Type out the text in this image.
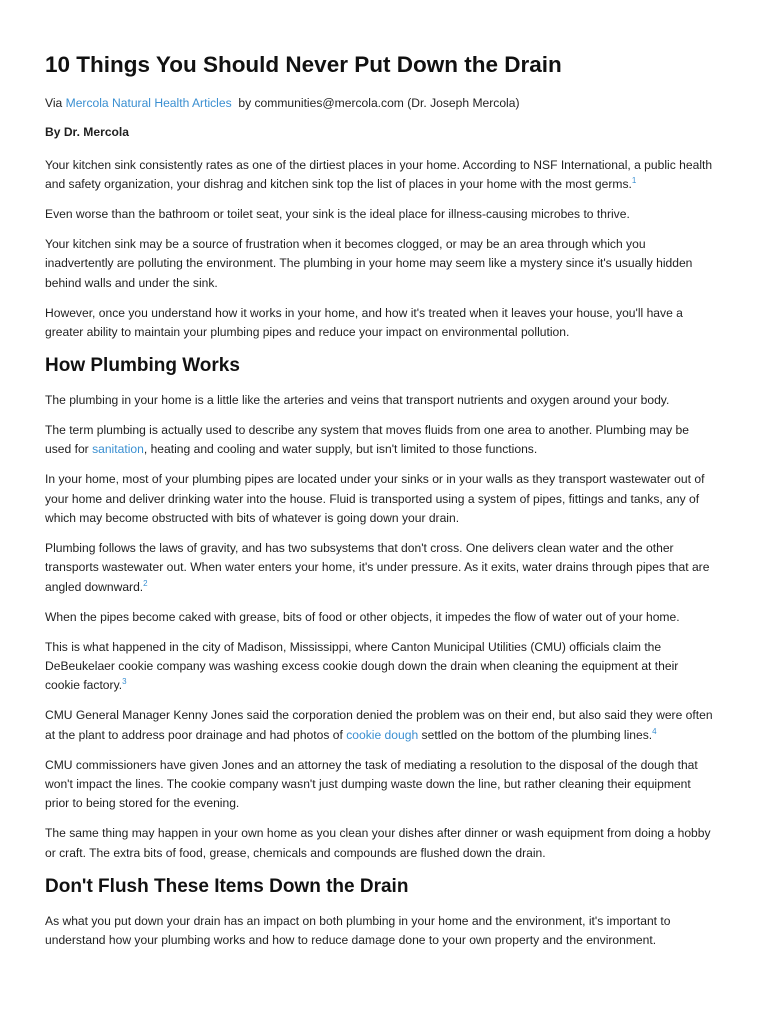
10 Things You Should Never Put Down the Drain

Via Mercola Natural Health Articles  by communities@mercola.com (Dr. Joseph Mercola)

By Dr. Mercola

Your kitchen sink consistently rates as one of the dirtiest places in your home. According to NSF International, a public health and safety organization, your dishrag and kitchen sink top the list of places in your home with the most germs.$^1$

Even worse than the bathroom or toilet seat, your sink is the ideal place for illness-causing microbes to thrive.

Your kitchen sink may be a source of frustration when it becomes clogged, or may be an area through which you inadvertently are polluting the environment. The plumbing in your home may seem like a mystery since it's usually hidden behind walls and under the sink.

However, once you understand how it works in your home, and how it's treated when it leaves your house, you'll have a greater ability to maintain your plumbing pipes and reduce your impact on environmental pollution.

How Plumbing Works

The plumbing in your home is a little like the arteries and veins that transport nutrients and oxygen around your body.

The term plumbing is actually used to describe any system that moves fluids from one area to another. Plumbing may be used for sanitation, heating and cooling and water supply, but isn't limited to those functions.

In your home, most of your plumbing pipes are located under your sinks or in your walls as they transport wastewater out of your home and deliver drinking water into the house. Fluid is transported using a system of pipes, fittings and tanks, any of which may become obstructed with bits of whatever is going down your drain.

Plumbing follows the laws of gravity, and has two subsystems that don't cross. One delivers clean water and the other transports wastewater out. When water enters your home, it's under pressure. As it exits, water drains through pipes that are angled downward.$^2$

When the pipes become caked with grease, bits of food or other objects, it impedes the flow of water out of your home.

This is what happened in the city of Madison, Mississippi, where Canton Municipal Utilities (CMU) officials claim the DeBeukelaer cookie company was washing excess cookie dough down the drain when cleaning the equipment at their cookie factory.$^3$

CMU General Manager Kenny Jones said the corporation denied the problem was on their end, but also said they were often at the plant to address poor drainage and had photos of cookie dough settled on the bottom of the plumbing lines.$^4$

CMU commissioners have given Jones and an attorney the task of mediating a resolution to the disposal of the dough that won't impact the lines. The cookie company wasn't just dumping waste down the line, but rather cleaning their equipment prior to being stored for the evening.

The same thing may happen in your own home as you clean your dishes after dinner or wash equipment from doing a hobby or craft. The extra bits of food, grease, chemicals and compounds are flushed down the drain.

Don't Flush These Items Down the Drain

As what you put down your drain has an impact on both plumbing in your home and the environment, it's important to understand how your plumbing works and how to reduce damage done to your own property and the environment.
